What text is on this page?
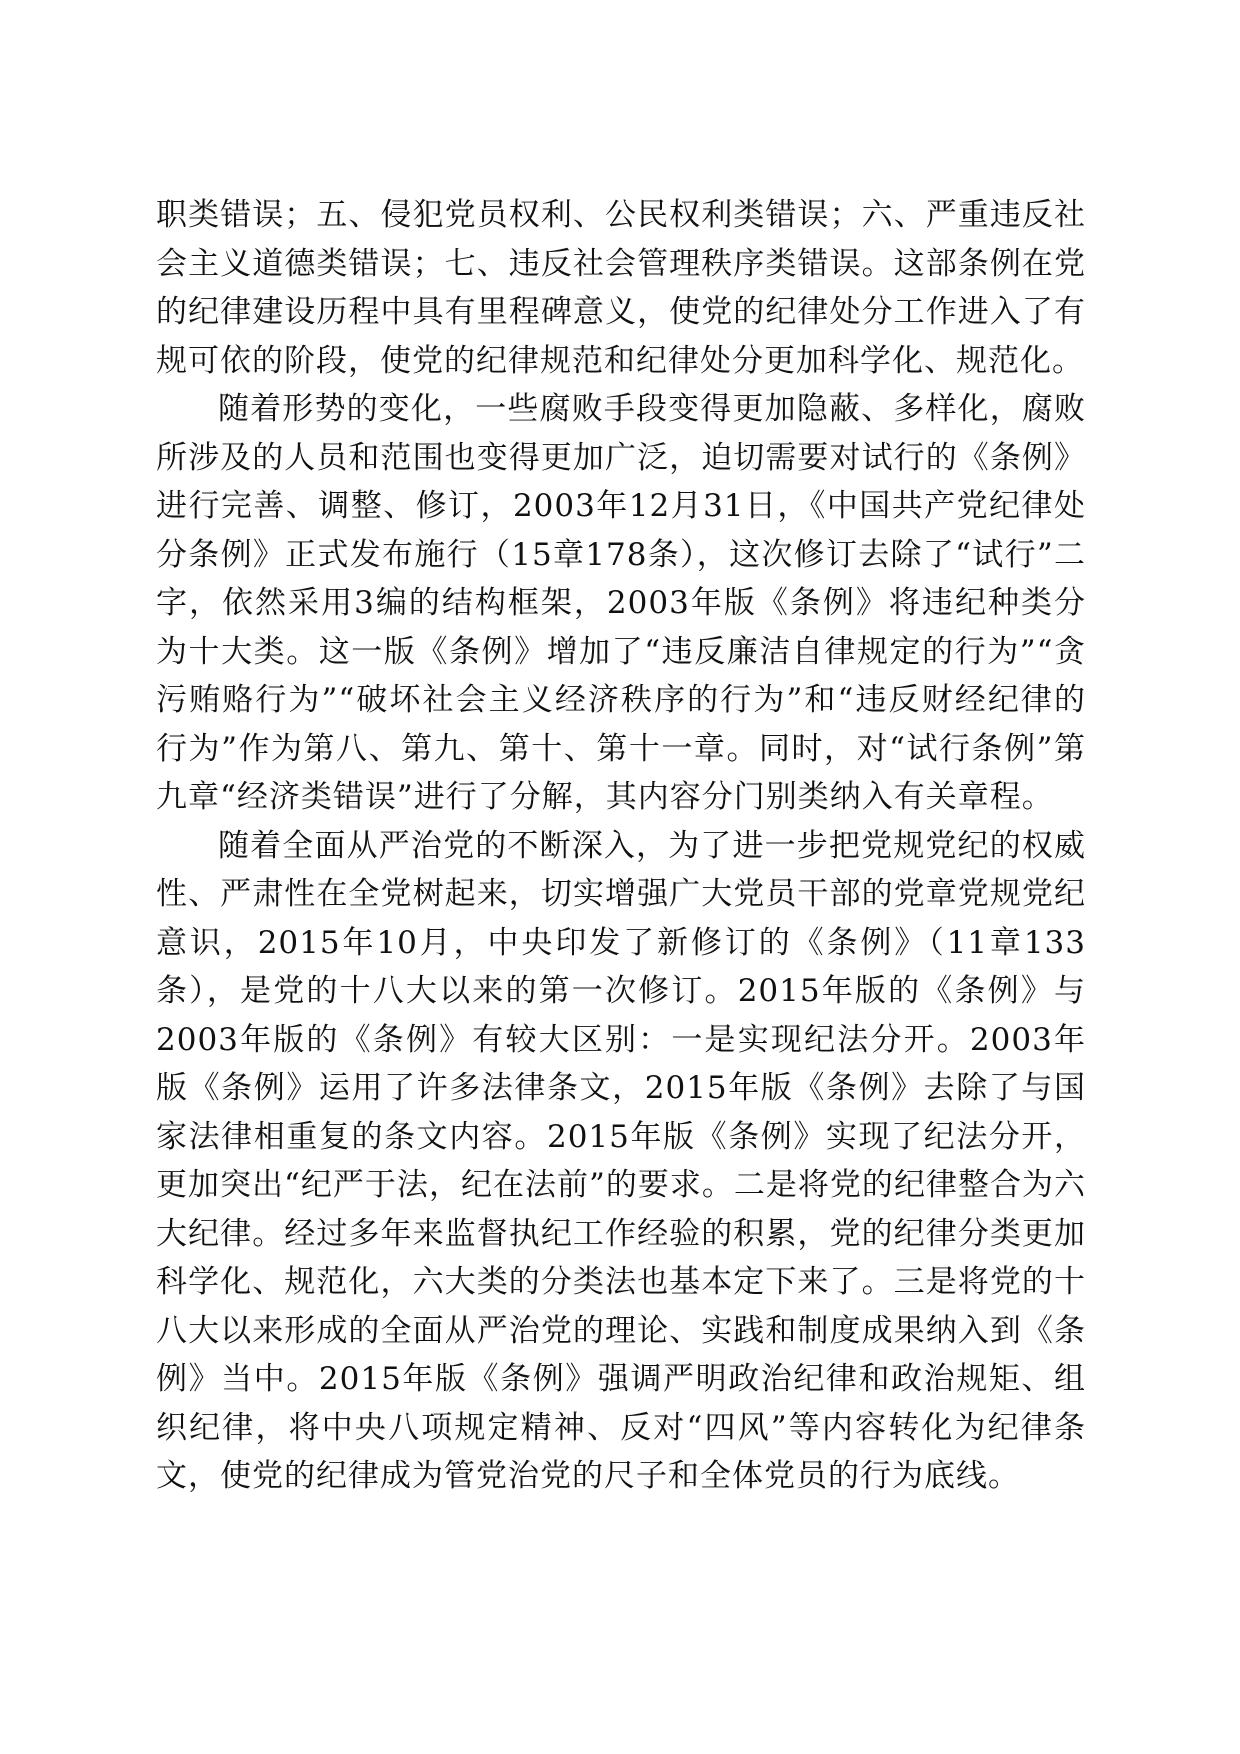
职类错误；五、侵犯党员权利、公民权利类错误；六、严重违反社会主义道德类错误；七、违反社会管理秩序类错误。这部条例在党的纪律建设历程中具有里程碑意义，使党的纪律处分工作进入了有规可依的阶段，使党的纪律规范和纪律处分更加科学化、规范化。

随着形势的变化，一些腐败手段变得更加隐蔽、多样化，腐败所涉及的人员和范围也变得更加广泛，迫切需要对试行的《条例》进行完善、调整、修订，2003年12月31日，《中国共产党纪律处分条例》正式发布施行（15章178条），这次修订去除了“试行”二字，依然采用3编的结构框架，2003年版《条例》将违纪种类分为十大类。这一版《条例》增加了“违反廉洁自律规定的行为”“贪污贿赂行为”“破坏社会主义经济秩序的行为”和“违反财经纪律的行为”作为第八、第九、第十、第十一章。同时，对“试行条例”第九章“经济类错误”进行了分解，其内容分门别类纳入有关章程。

随着全面从严治党的不断深入，为了进一步把党规党纪的权威性、严肃性在全党树起来，切实增强广大党员干部的党章党规党纪意识，2015年10月，中央印发了新修订的《条例》（11章133条），是党的十八大以来的第一次修订。2015年版的《条例》与2003年版的《条例》有较大区别：一是实现纪法分开。2003年版《条例》运用了许多法律条文，2015年版《条例》去除了与国家法律相重复的条文内容。2015年版《条例》实现了纪法分开，更加突出“纪严于法，纪在法前”的要求。二是将党的纪律整合为六大纪律。经过多年来监督执纪工作经验的积累，党的纪律分类更加科学化、规范化，六大类的分类法也基本定下来了。三是将党的十八大以来形成的全面从严治党的理论、实践和制度成果纳入到《条例》当中。2015年版《条例》强调严明政治纪律和政治规矩、组织纪律，将中央八项规定精神、反对“四风”等内容转化为纪律条文，使党的纪律成为管党治党的尺子和全体党员的行为底线。
